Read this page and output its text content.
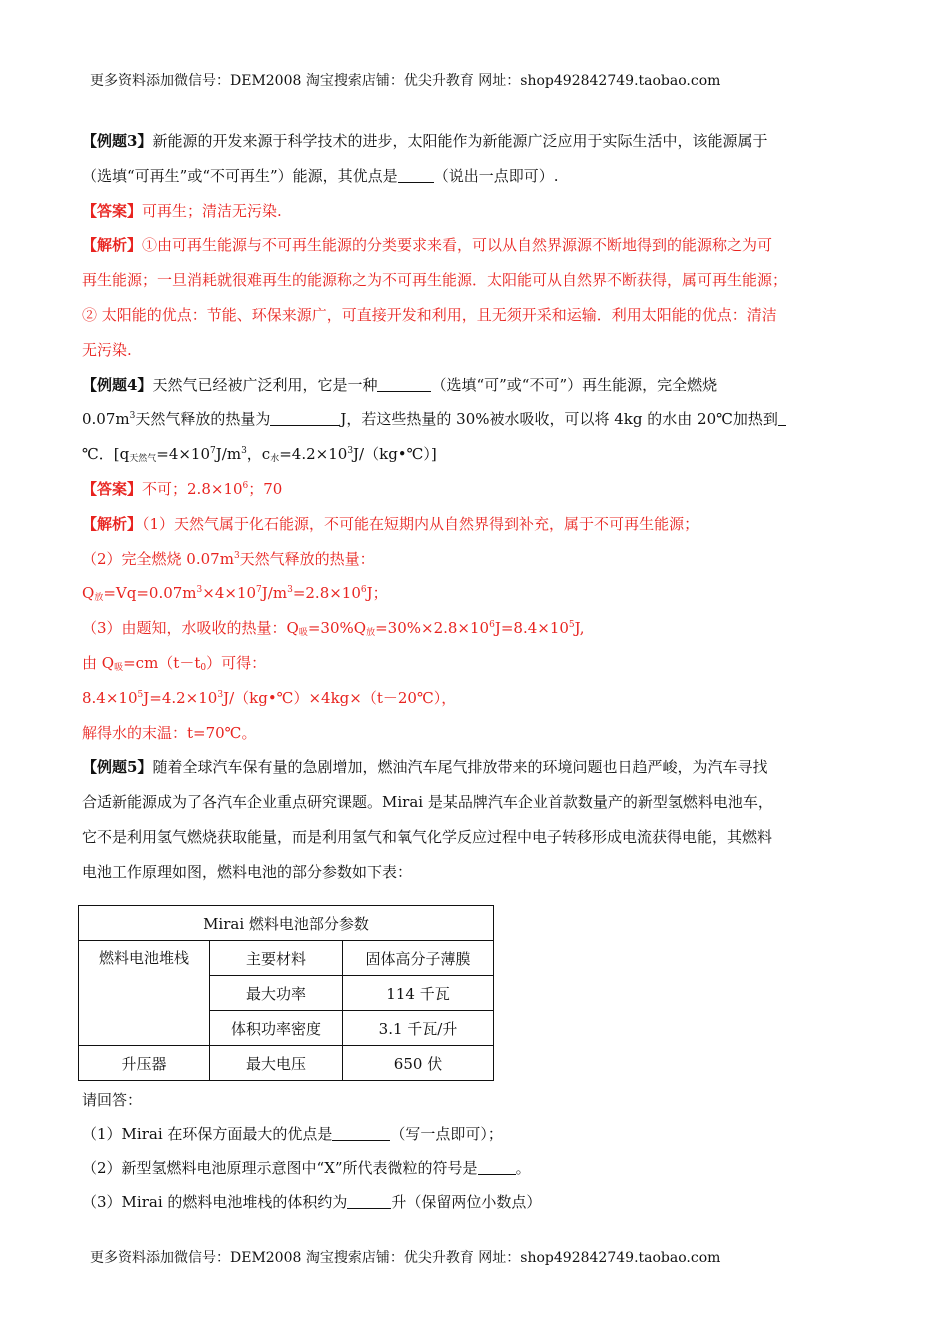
更多资料添加微信号：DEM2008 淘宝搜索店铺：优尖升教育 网址：shop492842749.taobao.com
【例题3】新能源的开发来源于科学技术的进步，太阳能作为新能源广泛应用于实际生活中，该能源属于
（选填“可再生”或“不可再生”）能源，其优点是 （说出一点即可）.
【答案】可再生；清洁无污染.
【解析】①由可再生能源与不可再生能源的分类要求来看，可以从自然界源源不断地得到的能源称之为可
再生能源；一旦消耗就很难再生的能源称之为不可再生能源．太阳能可从自然界不断获得，属可再生能源；
② 太阳能的优点：节能、环保来源广，可直接开发和利用，且无须开采和运输．利用太阳能的优点：清洁
无污染.
【例题4】天然气已经被广泛利用，它是一种	（选填“可”或“不可”）再生能源，完全燃烧
$0.07m^3$天然气释放的热量为	J，若这些热量的 30%被水吸收，可以将 4kg 的水由 20℃加热到
℃．[$q_{天然气}=4\times 10^7J/m^3$，$c_水=4.2\times 10^3J/(kg•℃)$]
【答案】不可；$2.8\times 10^6$；70
【解析】（1）天然气属于化石能源，不可能在短期内从自然界得到补充，属于不可再生能源；
（2）完全燃烧 $0.07m^3$天然气释放的热量：
$Q_放=Vq=0.07m^3\times 4\times 10^7J/m^3=2.8\times 10^6J$；
（3）由题知，水吸收的热量：$Q_吸=30\%Q_放=30\%\times 2.8\times 10^6J=8.4\times 10^5J$,
由 $Q_吸=cm(t-t_0)$可得：
$8.4\times 10^5J=4.2\times 10^3J/(kg•℃)\times 4kg\times(t-20℃)$，
解得水的末温：t=70℃。
【例题5】随着全球汽车保有量的急剧增加，燃油汽车尾气排放带来的环境问题也日趋严峻，为汽车寻找
合适新能源成为了各汽车企业重点研究课题。Mirai 是某品牌汽车企业首款数量产的新型氢燃料电池车，
它不是利用氢气燃烧获取能量，而是利用氢气和氧气化学反应过程中电子转移形成电流获得电能，其燃料
电池工作原理如图，燃料电池的部分参数如下表：
Mirai 燃料电池部分参数		
燃料电池堆栈	主要材料	固体高分子薄膜
	最大功率	114 千瓦
	体积功率密度	3.1 千瓦/升
升压器	最大电压	650 伏
请回答：
（1）Mirai 在环保方面最大的优点是	（写一点即可）；
（2）新型氢燃料电池原理示意图中“X”所代表微粒的符号是	。
（3）Mirai 的燃料电池堆栈的体积约为	升（保留两位小数点）
更多资料添加微信号：DEM2008 淘宝搜索店铺：优尖升教育 网址：shop492842749.taobao.com
